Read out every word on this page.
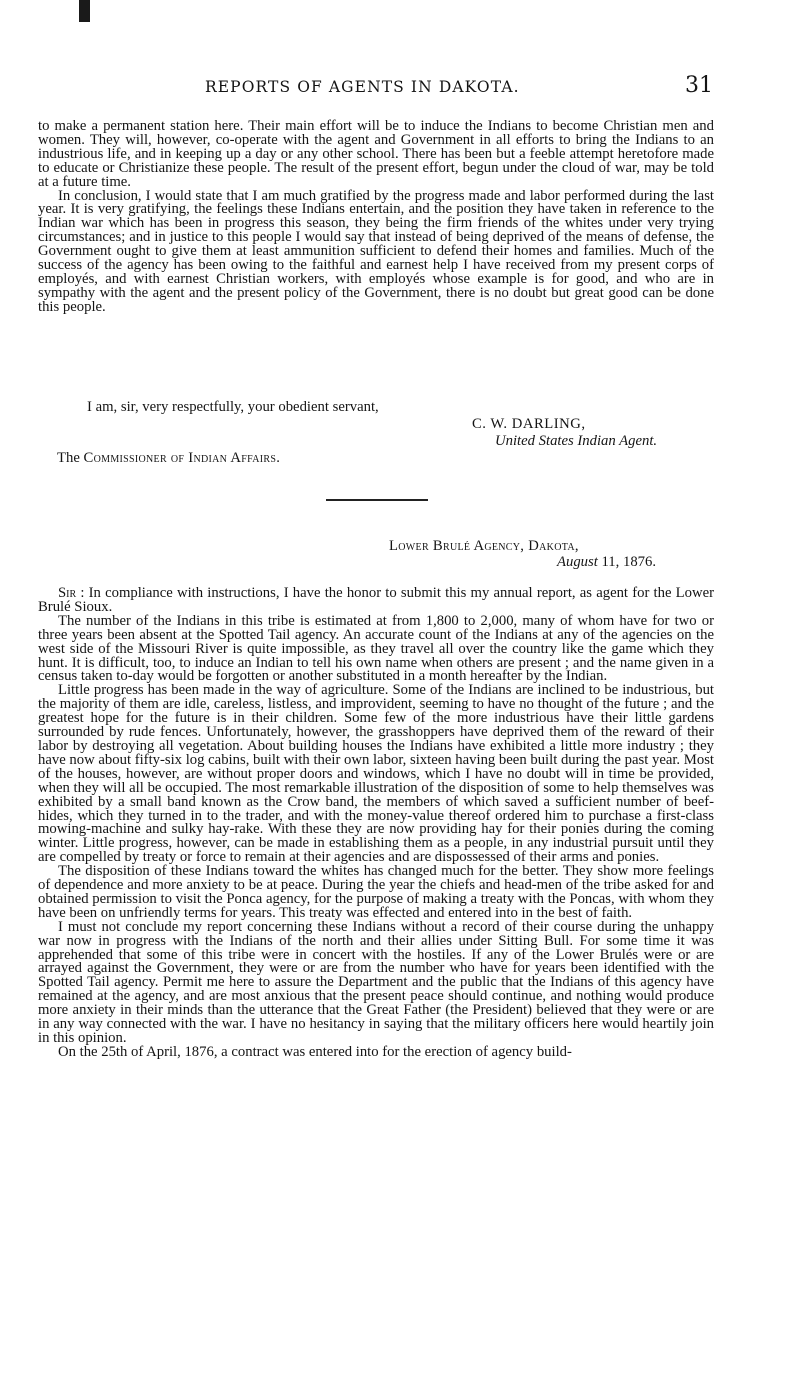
REPORTS OF AGENTS IN DAKOTA.	31

to make a permanent station here. Their main effort will be to induce the Indians to become Christian men and women. They will, however, co-operate with the agent and Government in all efforts to bring the Indians to an industrious life, and in keeping up a day or any other school. There has been but a feeble attempt heretofore made to educate or Christianize these people. The result of the present effort, begun under the cloud of war, may be told at a future time.

In conclusion, I would state that I am much gratified by the progress made and labor performed during the last year. It is very gratifying, the feelings these Indians entertain, and the position they have taken in reference to the Indian war which has been in progress this season, they being the firm friends of the whites under very trying circumstances; and in justice to this people I would say that instead of being deprived of the means of defense, the Government ought to give them at least ammunition sufficient to defend their homes and families. Much of the success of the agency has been owing to the faithful and earnest help I have received from my present corps of employés, and with earnest Christian workers, with employés whose example is for good, and who are in sympathy with the agent and the present policy of the Government, there is no doubt but great good can be done this people.

I am, sir, very respectfully, your obedient servant,
C. W. DARLING,
United States Indian Agent.
The Commissioner of Indian Affairs.
Lower Brulé Agency, Dakota,
August 11, 1876.

Sir : In compliance with instructions, I have the honor to submit this my annual report, as agent for the Lower Brulé Sioux.

The number of the Indians in this tribe is estimated at from 1,800 to 2,000, many of whom have for two or three years been absent at the Spotted Tail agency. An accurate count of the Indians at any of the agencies on the west side of the Missouri River is quite impossible, as they travel all over the country like the game which they hunt. It is difficult, too, to induce an Indian to tell his own name when others are present ; and the name given in a census taken to-day would be forgotten or another substituted in a month hereafter by the Indian.

Little progress has been made in the way of agriculture. Some of the Indians are inclined to be industrious, but the majority of them are idle, careless, listless, and improvident, seeming to have no thought of the future ; and the greatest hope for the future is in their children. Some few of the more industrious have their little gardens surrounded by rude fences. Unfortunately, however, the grasshoppers have deprived them of the reward of their labor by destroying all vegetation. About building houses the Indians have exhibited a little more industry ; they have now about fifty-six log cabins, built with their own labor, sixteen having been built during the past year. Most of the houses, however, are without proper doors and windows, which I have no doubt will in time be provided, when they will all be occupied. The most remarkable illustration of the disposition of some to help themselves was exhibited by a small band known as the Crow band, the members of which saved a sufficient number of beef-hides, which they turned in to the trader, and with the money-value thereof ordered him to purchase a first-class mowing-machine and sulky hay-rake. With these they are now providing hay for their ponies during the coming winter. Little progress, however, can be made in establishing them as a people, in any industrial pursuit until they are compelled by treaty or force to remain at their agencies and are dispossessed of their arms and ponies.

The disposition of these Indians toward the whites has changed much for the better. They show more feelings of dependence and more anxiety to be at peace. During the year the chiefs and head-men of the tribe asked for and obtained permission to visit the Ponca agency, for the purpose of making a treaty with the Poncas, with whom they have been on unfriendly terms for years. This treaty was effected and entered into in the best of faith.

I must not conclude my report concerning these Indians without a record of their course during the unhappy war now in progress with the Indians of the north and their allies under Sitting Bull. For some time it was apprehended that some of this tribe were in concert with the hostiles. If any of the Lower Brulés were or are arrayed against the Government, they were or are from the number who have for years been identified with the Spotted Tail agency. Permit me here to assure the Department and the public that the Indians of this agency have remained at the agency, and are most anxious that the present peace should continue, and nothing would produce more anxiety in their minds than the utterance that the Great Father (the President) believed that they were or are in any way connected with the war. I have no hesitancy in saying that the military officers here would heartily join in this opinion.

On the 25th of April, 1876, a contract was entered into for the erection of agency build-
